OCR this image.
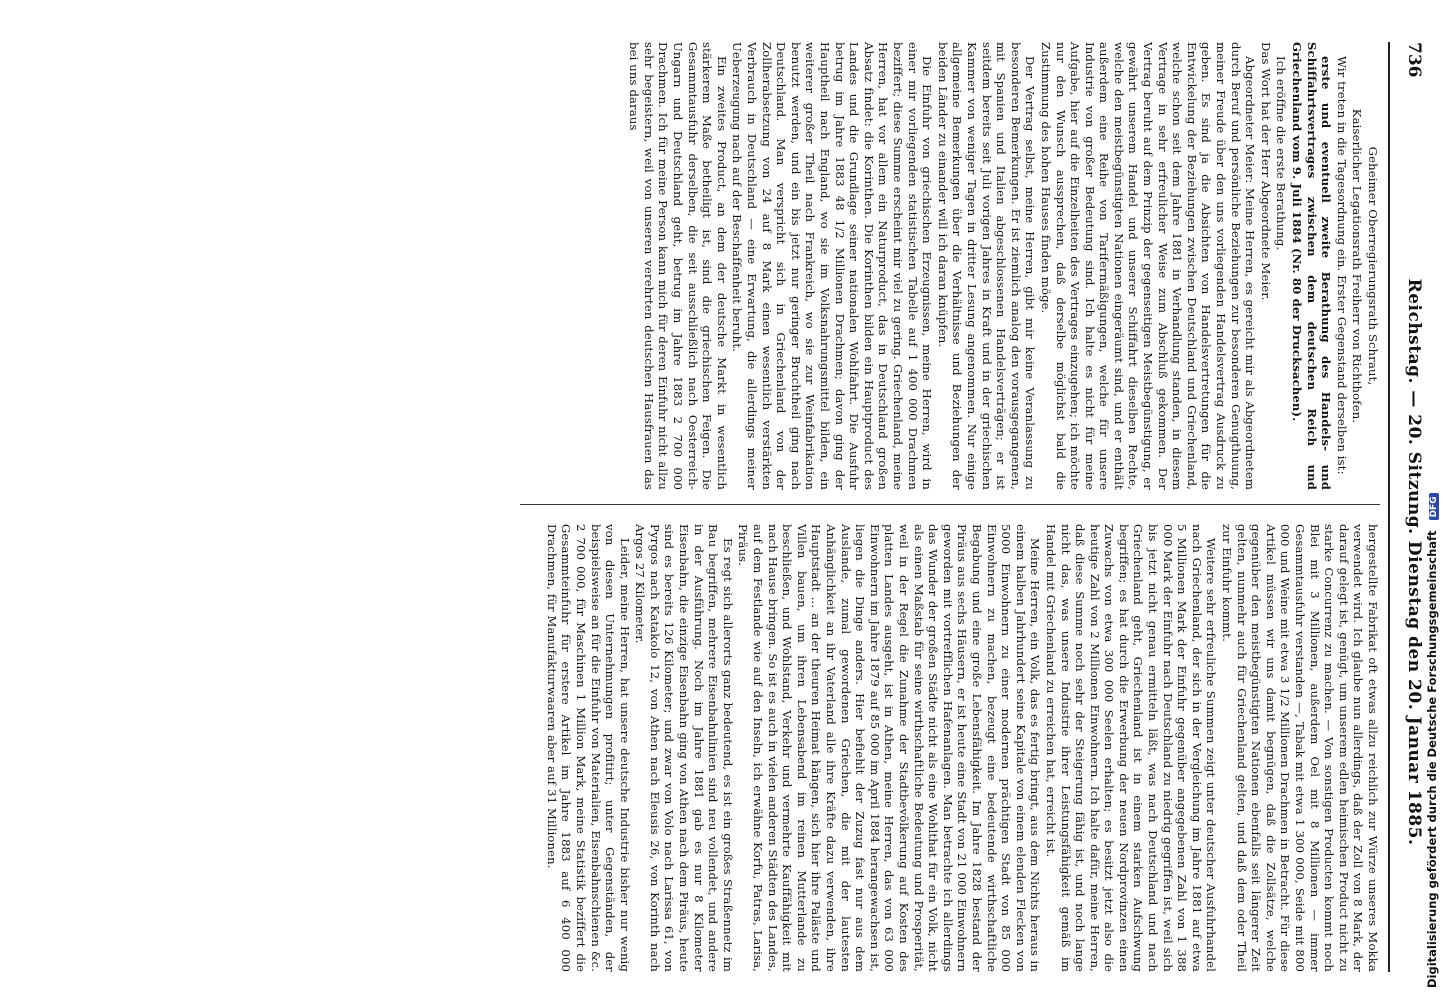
736
Reichstag. — 20. Sitzung. Dienstag den 20. Januar 1885.

Geheimer Oberregierungsrath Schraut,

Kaiserlicher Legationsrath Freiherr von Richthofen.

Wir treten in die Tagesordnung ein. Erster Gegenstand derselben ist:

erste und eventuell zweite Berathung des Handels- und Schiffahrtsvertrages zwischen dem deutschen Reich und Griechenland vom 9. Juli 1884 (Nr. 80 der Drucksachen).

Ich eröffne die erste Berathung.

Das Wort hat der Herr Abgeordnete Meier.

Abgeordneter Meier: Meine Herren, es gereicht mir als Abgeordnetem durch Beruf und persönliche Beziehungen zur besonderen Genugthuung, meiner Freude über den uns vorliegenden Handelsvertrag Ausdruck zu geben. Es sind ja die Absichten von Handelsvertretungen für die Entwickelung der Beziehungen zwischen Deutschland und Griechenland, welche schon seit dem Jahre 1881 in Verhandlung standen, in diesem Vertrage in sehr erfreulicher Weise zum Abschluß gekommen. Der Vertrag beruht auf dem Prinzip der gegenseitigen Meistbegünstigung, er gewährt unserem Handel und unserer Schiffahrt dieselben Rechte, welche den meistbegünstigten Nationen eingeräumt sind, und er enthält außerdem eine Reihe von Tarifermäßigungen, welche für unsere Industrie von großer Bedeutung sind. Ich halte es nicht für meine Aufgabe, hier auf die Einzelheiten des Vertrages einzugehen; ich möchte nur den Wunsch aussprechen, daß derselbe möglichst bald die Zustimmung des hohen Hauses finden möge.

Der Vertrag selbst, meine Herren, gibt mir keine Veranlassung zu besonderen Bemerkungen. Er ist ziemlich analog den vorausgegangenen, mit Spanien und Italien abgeschlossenen Handelsverträgen; er ist seitdem bereits seit Juli vorigen Jahres in Kraft und in der griechischen Kammer von weniger Tagen in dritter Lesung angenommen. Nur einige allgemeine Bemerkungen über die Verhältnisse und Beziehungen der beiden Länder zu einander will ich daran knüpfen.

Die Einfuhr von griechischen Erzeugnissen, meine Herren, wird in einer mir vorliegenden statistischen Tabelle auf 1 400 000 Drachmen beziffert; diese Summe erscheint mir viel zu gering. Griechenland, meine Herren, hat vor allem ein Naturproduct, das in Deutschland großen Absatz findet: die Korinthen. Die Korinthen bilden ein Hauptproduct des Landes und die Grundlage seiner nationalen Wohlfahrt. Die Ausfuhr betrug im Jahre 1883 48 1/2 Millionen Drachmen; davon ging der Hauptheil nach England, wo sie im Volksnahrungsmittel bilden, ein weiterer großer Theil nach Frankreich, wo sie zur Weinfabrikation benutzt werden, und ein bis jetzt nur geringer Bruchtheil ging nach Deutschland. Man verspricht sich in Griechenland von der Zollherabsetzung von 24 auf 8 Mark einen wesentlich verstärkten Verbrauch in Deutschland — eine Erwartung, die allerdings meiner Ueberzeugung nach auf der Beschaffenheit beruht.

Ein zweites Product, an dem der deutsche Markt in wesentlich stärkerem Maße betheiligt ist, sind die griechischen Feigen. Die Gesammtausfuhr derselben, die seit ausschließlich nach Oesterreich-Ungarn und Deutschland geht, betrug im Jahre 1883 2 700 000 Drachmen. Ich für meine Person kann mich für deren Einfuhr nicht allzu sehr begeistern, weil von unseren verehrten deutschen Hausfrauen das bei uns daraus

hergestellte Fabrikat oft etwas allzu reichlich zur Würze unseres Mokka verwendet wird. Ich glaube nun allerdings, daß der Zoll von 8 Mark, der darauf gelegt ist, genügt, um unserem edlen heimischen Product nicht zu starke Concurrenz zu machen. — Von sonstigen Producten kommt noch Blei mit 3 Millionen, außerdem Oel mit 8 Millionen — immer Gesammtausfuhr verstanden —, Tabak mit etwa 1 300 000, Seide mit 800 000 und Weine mit etwa 3 1/2 Millionen Drachmen in Betracht. Für diese Artikel müssen wir uns damit begnügen, daß die Zollsätze, welche gegenüber den meistbegünstigten Nationen ebenfalls seit längerer Zeit gelten, nunmehr auch für Griechenland gelten, und daß dem oder Theil zur Einfuhr kommt.

Weitere sehr erfreuliche Summen zeigt unter deutscher Ausfuhrhandel nach Griechenland, der sich in der Vergleichung im Jahre 1881 auf etwa 5 Millionen Mark der Einfuhr gegenüber angegebenen Zahl von 1 388 000 Mark der Einfuhr nach Deutschland zu niedrig gegriffen ist, weil sich bis jetzt nicht genau ermitteln läßt, was nach Deutschland und nach Griechenland geht, Griechenland ist in einem starken Aufschwung begriffen; es hat durch die Erwerbung der neuen Nordprovinzen einen Zuwachs von etwa 300 000 Seelen erhalten; es besitzt jetzt also die heutige Zahl von 2 Millionen Einwohnern. Ich halte dafür, meine Herren, daß diese Summe noch sehr der Steigerung fähig ist, und noch lange nicht das, was unsere Industrie ihrer Leistungsfähigkeit gemäß im Handel mit Griechenland zu erreichen hat, erreicht ist.

Meine Herren, ein Volk, das es fertig bringt, aus dem Nichts heraus in einem halben Jahrhundert seine Kapitale von einem elenden Flecken von 5000 Einwohnern zu einer modernen prächtigen Stadt von 85 000 Einwohnern zu machen, bezeugt eine bedeutende wirthschaftliche Begabung und eine große Lebensfähigkeit. Im Jahre 1828 bestand der Piräus aus sechs Häusern, er ist heute eine Stadt von 21 000 Einwohnern geworden mit vortrefflichen Hafenanlagen. Man betrachte ich allerdings das Wunder der großen Städte nicht als eine Wohlthat für ein Volk, nicht als einen Maßstab für seine wirthschaftliche Bedeutung und Prosperität, weil in der Regel die Zunahme der Stadtbevölkerung auf Kosten des platten Landes ausgeht, ist in Athen, meine Herren, das von 63 000 Einwohnern im Jahre 1879 auf 85 000 im April 1884 herangewachsen ist, liegen die Dinge anders. Hier befiehlt der Zuzug fast nur aus dem Auslande, zumal gewordenen Griechen, die mit der lautesten Anhänglichkeit an ihr Vaterland alle ihre Kräfte dazu verwenden, ihre Hauptstadt ... an der theuren Heimat hängen, sich hier ihre Paläste und Villen bauen, um ihren Lebensabend im reinen Mutterlande zu beschließen, und Wohlstand, Verkehr und vermehrte Kauffähigkeit mit nach Hause bringen. So ist es auch in vielen anderen Städten des Landes, auf dem Festlande wie auf den Inseln, ich erwähne Korfu, Patras, Larisa, Piräus.

Es regt sich allerorts ganz bedeutend, es ist ein großes Straßennetz im Bau begriffen, mehrere Eisenbahnlinien sind neu vollendet, und andere in der Ausführung. Noch im Jahre 1881 gab es nur 8 Kilometer Eisenbahn, die einzige Eisenbahn ging von Athen nach dem Piräus, heute sind es bereits 126 Kilometer; und zwar von Volo nach Larissa 61, von Pyrgos nach Katakolo 12, von Athen nach Eleusis 26, von Korinth nach Argos 27 Kilometer.

Leider, meine Herren, hat unsere deutsche Industrie bisher nur wenig von diesen Unternehmungen profitirt; unter Gegenständen, der beispielsweise an für die Einfuhr von Materialien, Eisenbahnschienen &c. 2 700 000, für Maschinen 1 Million Mark, meine Statistik beziffert die Gesammteinfuhr für erstere Artikel im Jahre 1883 auf 6 400 000 Drachmen, für Manufakturwaaren aber auf 31 Millionen.	Digitalisierung gefördert durch die Deutsche Forschungsgemeinschaft DFG
